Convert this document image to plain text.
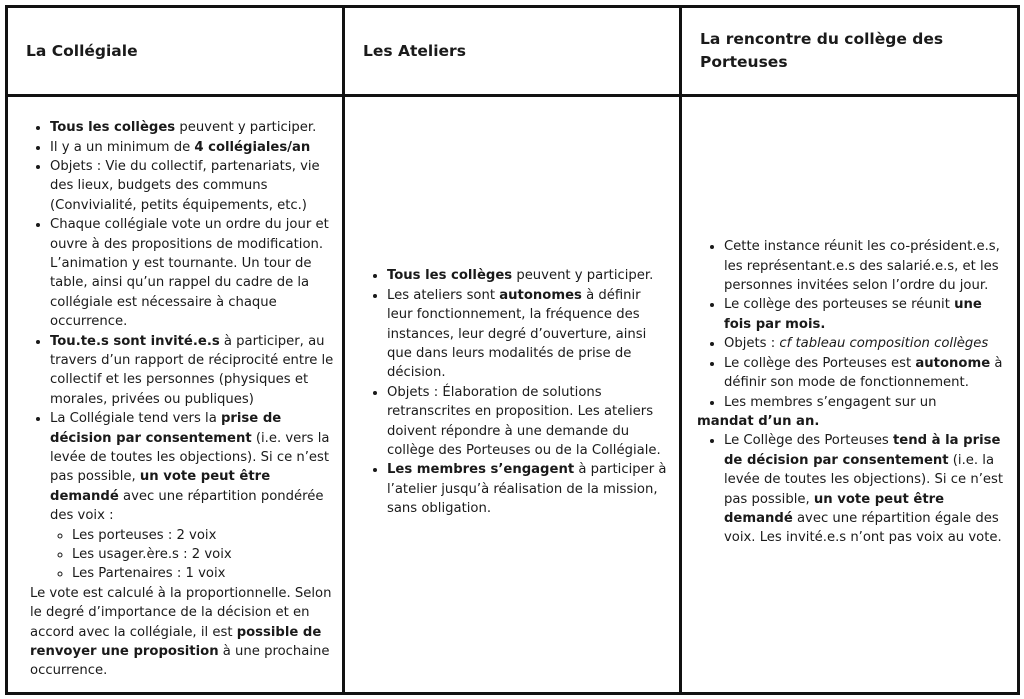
La Collégiale	Les Ateliers	La rencontre du collège des Porteuses

• Tous les collèges peuvent y participer.
• Il y a un minimum de 4 collégiales/an
• Objets : Vie du collectif, partenariats, vie des lieux, budgets des communs (Convivialité, petits équipements, etc.)
• Chaque collégiale vote un ordre du jour et ouvre à des propositions de modification. L’animation y est tournante. Un tour de table, ainsi qu’un rappel du cadre de la collégiale est nécessaire à chaque occurrence.
• Tou.te.s sont invité.e.s à participer, au travers d’un rapport de réciprocité entre le collectif et les personnes (physiques et morales, privées ou publiques)
• La Collégiale tend vers la prise de décision par consentement (i.e. vers la levée de toutes les objections). Si ce n’est pas possible, un vote peut être demandé avec une répartition pondérée des voix :
◦ Les porteuses : 2 voix
◦ Les usager.ère.s : 2 voix
◦ Les Partenaires : 1 voix
Le vote est calculé à la proportionnelle. Selon le degré d’importance de la décision et en accord avec la collégiale, il est possible de renvoyer une proposition à une prochaine occurrence.

• Tous les collèges peuvent y participer.
• Les ateliers sont autonomes à définir leur fonctionnement, la fréquence des instances, leur degré d’ouverture, ainsi que dans leurs modalités de prise de décision.
• Objets : Élaboration de solutions retranscrites en proposition. Les ateliers doivent répondre à une demande du collège des Porteuses ou de la Collégiale.
• Les membres s’engagent à participer à l’atelier jusqu’à réalisation de la mission, sans obligation.

• Cette instance réunit les co-président.e.s, les représentant.e.s des salarié.e.s, et les personnes invitées selon l’ordre du jour.
• Le collège des porteuses se réunit une fois par mois.
• Objets : cf tableau composition collèges
• Le collège des Porteuses est autonome à définir son mode de fonctionnement.
• Les membres s’engagent sur un
mandat d’un an.
• Le Collège des Porteuses tend à la prise de décision par consentement (i.e. la levée de toutes les objections). Si ce n’est pas possible, un vote peut être demandé avec une répartition égale des voix. Les invité.e.s n’ont pas voix au vote.
